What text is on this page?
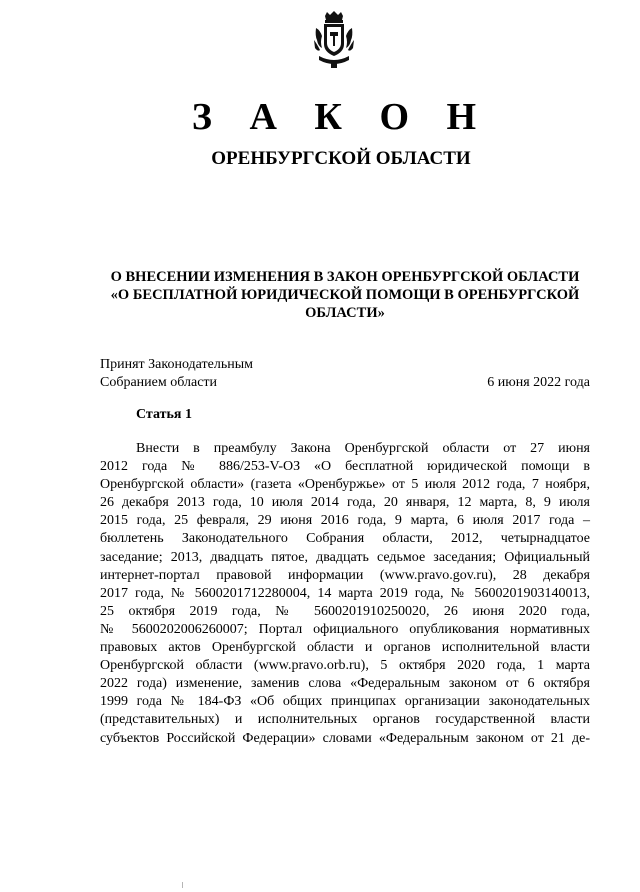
З А К О Н
ОРЕНБУРГСКОЙ ОБЛАСТИ
О ВНЕСЕНИИ ИЗМЕНЕНИЯ В ЗАКОН ОРЕНБУРГСКОЙ ОБЛАСТИ
«О БЕСПЛАТНОЙ ЮРИДИЧЕСКОЙ ПОМОЩИ В ОРЕНБУРГСКОЙ
ОБЛАСТИ»
Принят Законодательным
Собранием области	6 июня 2022 года
Статья 1
Внести в преамбулу Закона Оренбургской области от 27 июня
2012 года № 886/253-V-ОЗ «О бесплатной юридической помощи в
Оренбургской области» (газета «Оренбуржье» от 5 июля 2012 года, 7 ноября,
26 декабря 2013 года, 10 июля 2014 года, 20 января, 12 марта, 8, 9 июля
2015 года, 25 февраля, 29 июня 2016 года, 9 марта, 6 июля 2017 года –
бюллетень Законодательного Собрания области, 2012, четырнадцатое
заседание; 2013, двадцать пятое, двадцать седьмое заседания; Официальный
интернет-портал правовой информации (www.pravo.gov.ru), 28 декабря
2017 года, № 5600201712280004, 14 марта 2019 года, № 5600201903140013,
25 октября 2019 года, № 5600201910250020, 26 июня 2020 года,
№ 5600202006260007; Портал официального опубликования нормативных
правовых актов Оренбургской области и органов исполнительной власти
Оренбургской области (www.pravo.orb.ru), 5 октября 2020 года, 1 марта
2022 года) изменение, заменив слова «Федеральным законом от 6 октября
1999 года № 184-ФЗ «Об общих принципах организации законодательных
(представительных) и исполнительных органов государственной власти
субъектов Российской Федерации» словами «Федеральным законом от 21 де-
